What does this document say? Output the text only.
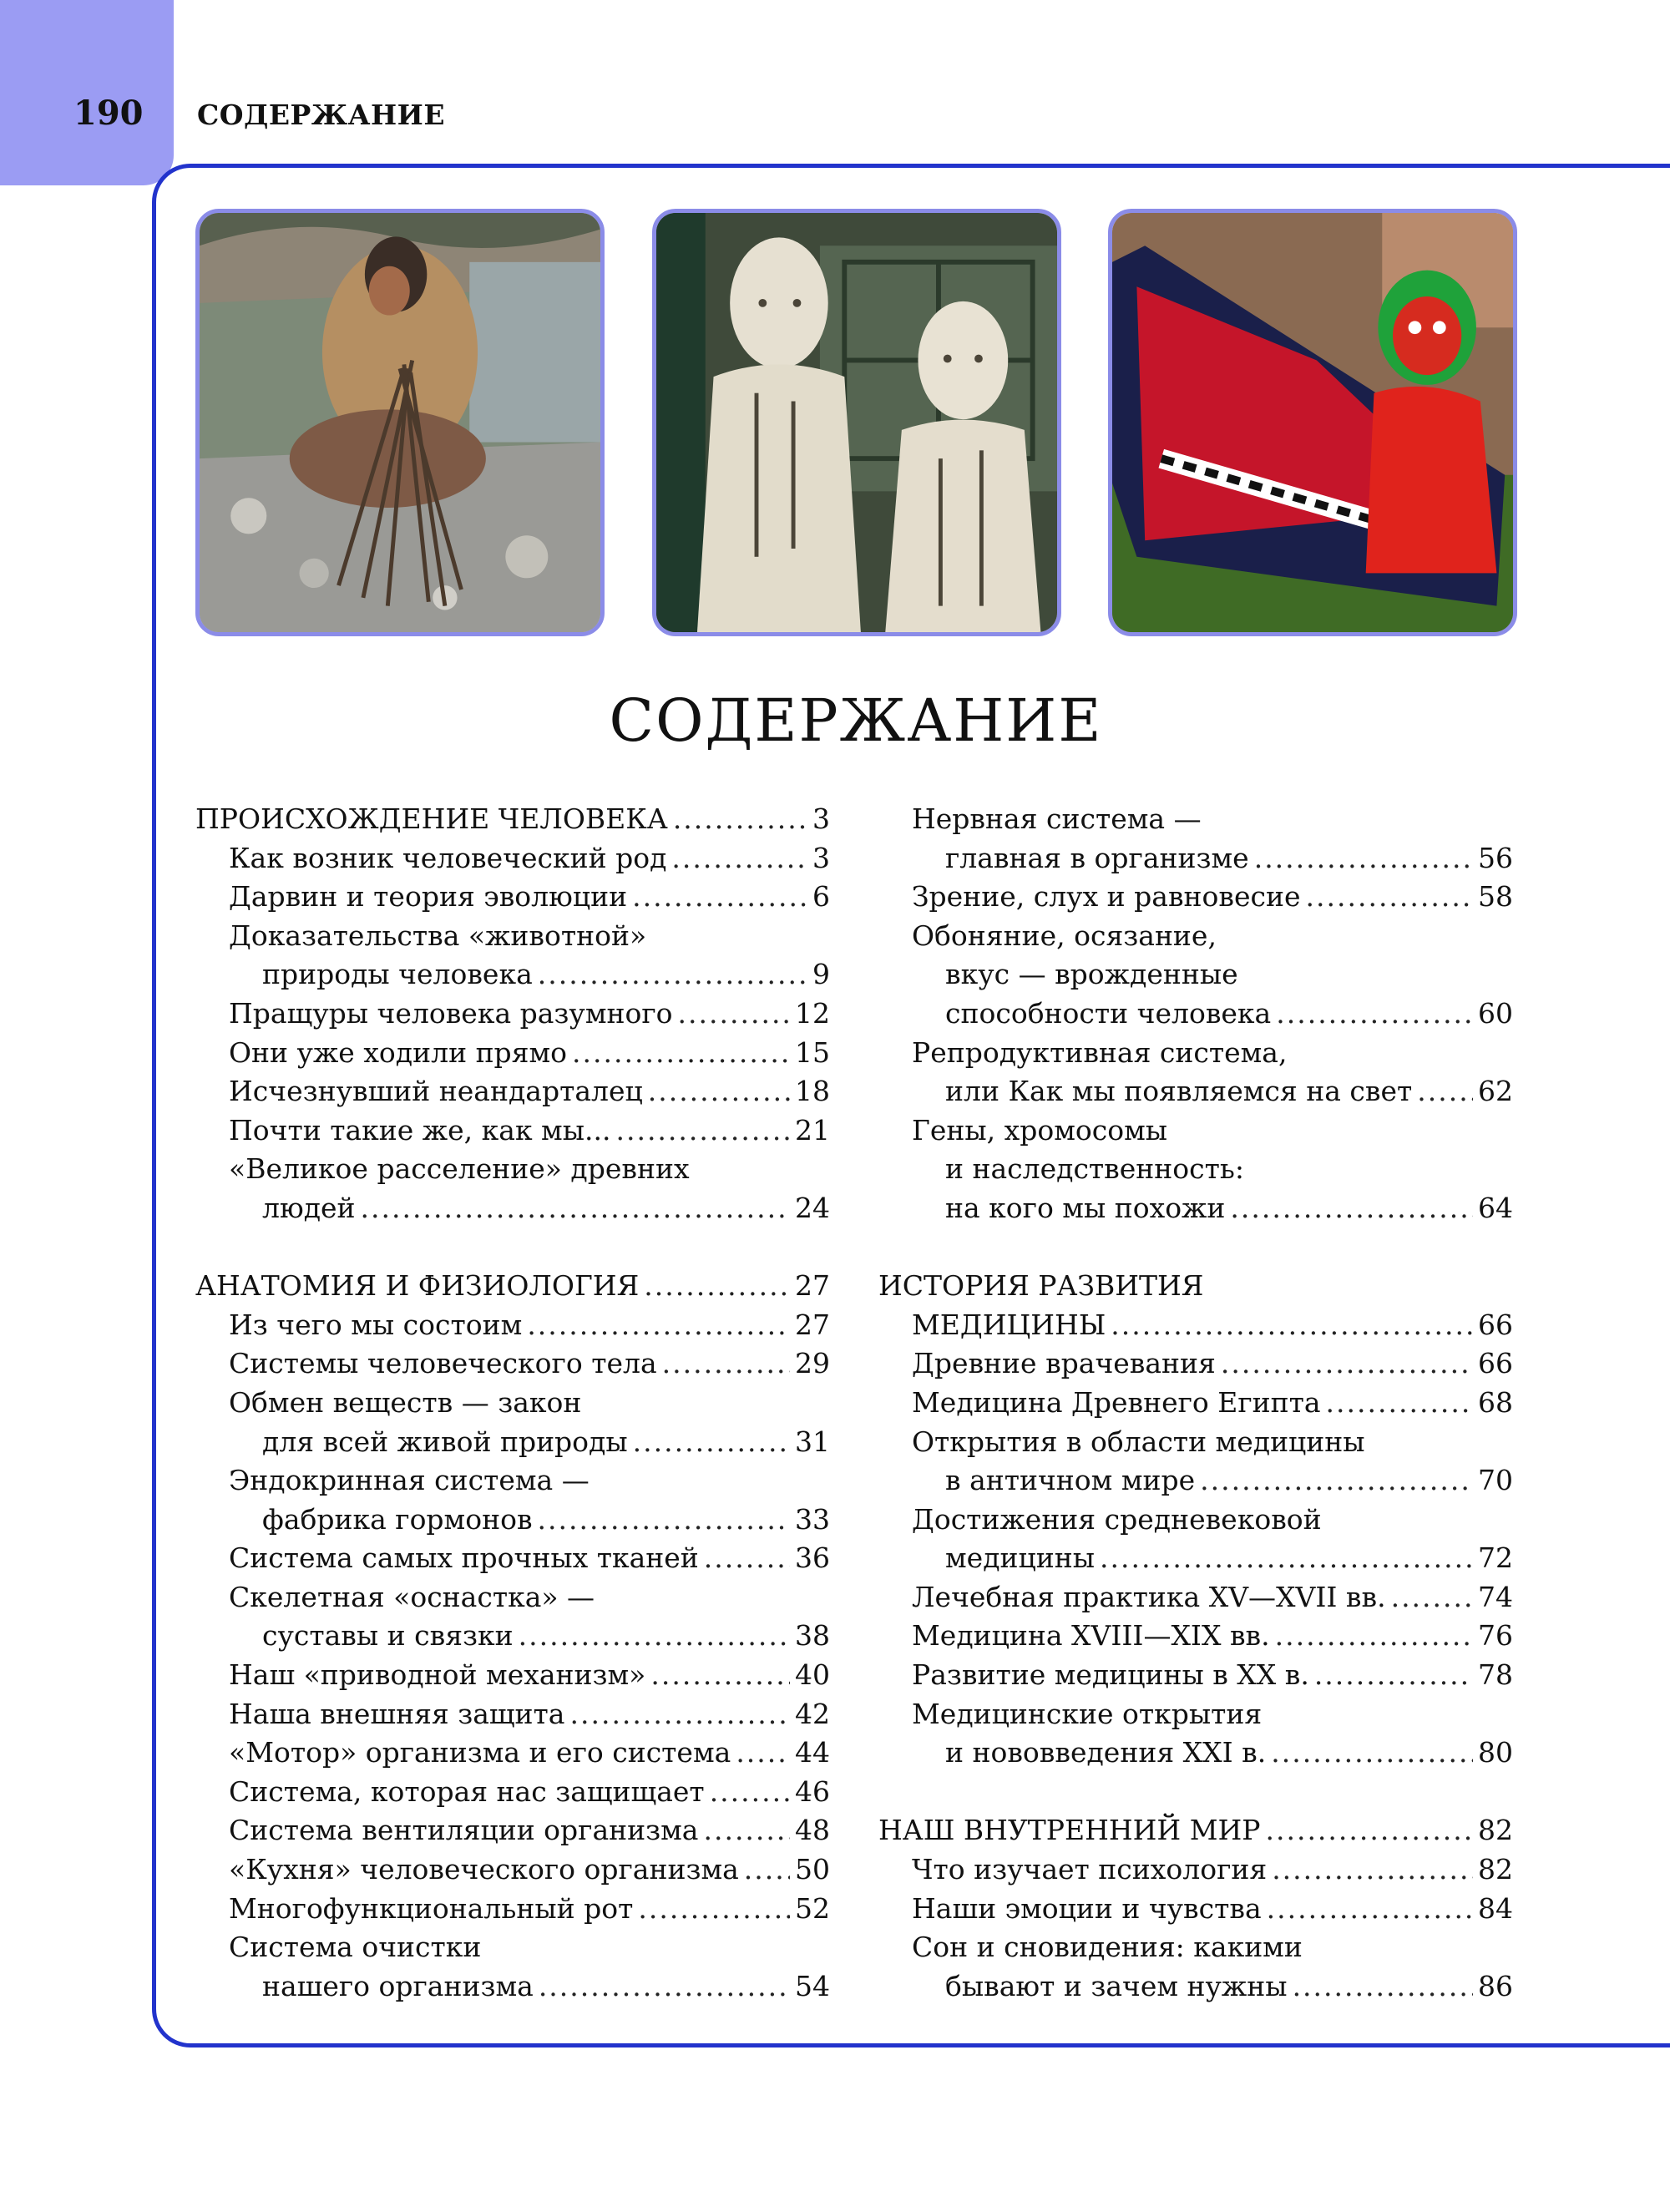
190 СОДЕРЖАНИЕ
СОДЕРЖАНИЕ
ПРОИСХОЖДЕНИЕ ЧЕЛОВЕКА .....	3
Как возник человеческий род .....	3
Дарвин и теория эволюции .....	6
Доказательства «животной»
природы человека .....	9
Пращуры человека разумного .....	12
Они уже ходили прямо .....	15
Исчезнувший неандарталец .....	18
Почти такие же, как мы... .....	21
«Великое расселение» древних
людей .....	24
АНАТОМИЯ И ФИЗИОЛОГИЯ .....	27
Из чего мы состоим .....	27
Системы человеческого тела .....	29
Обмен веществ — закон
для всей живой природы .....	31
Эндокринная система —
фабрика гормонов .....	33
Система самых прочных тканей .....	36
Скелетная «оснастка» —
суставы и связки .....	38
Наш «приводной механизм» .....	40
Наша внешняя защита .....	42
«Мотор» организма и его система ..... 44
Система, которая нас защищает .....	46
Система вентиляции организма .....	48
«Кухня» человеческого организма ..... 50
Многофункциональный рот .....	52
Система очистки
нашего организма .....	54
Нервная система —
главная в организме .....	56
Зрение, слух и равновесие .....	58
Обоняние, осязание,
вкус — врожденные
способности человека .....	60
Репродуктивная система,
или Как мы появляемся на свет ..... 62
Гены, хромосомы
и наследственность:
на кого мы похожи .....	64
ИСТОРИЯ РАЗВИТИЯ
МЕДИЦИНЫ .....	66
Древние врачевания .....	66
Медицина Древнего Египта .....	68
Открытия в области медицины
в античном мире .....	70
Достижения средневековой
медицины .....	72
Лечебная практика XV—XVII вв. .....	74
Медицина XVIII—XIX вв. .....	76
Развитие медицины в XX в. .....	78
Медицинские открытия
и нововведения XXI в. .....	80
НАШ ВНУТРЕННИЙ МИР .....	82
Что изучает психология .....	82
Наши эмоции и чувства .....	84
Сон и сновидения: какими
бывают и зачем нужны .....	86
